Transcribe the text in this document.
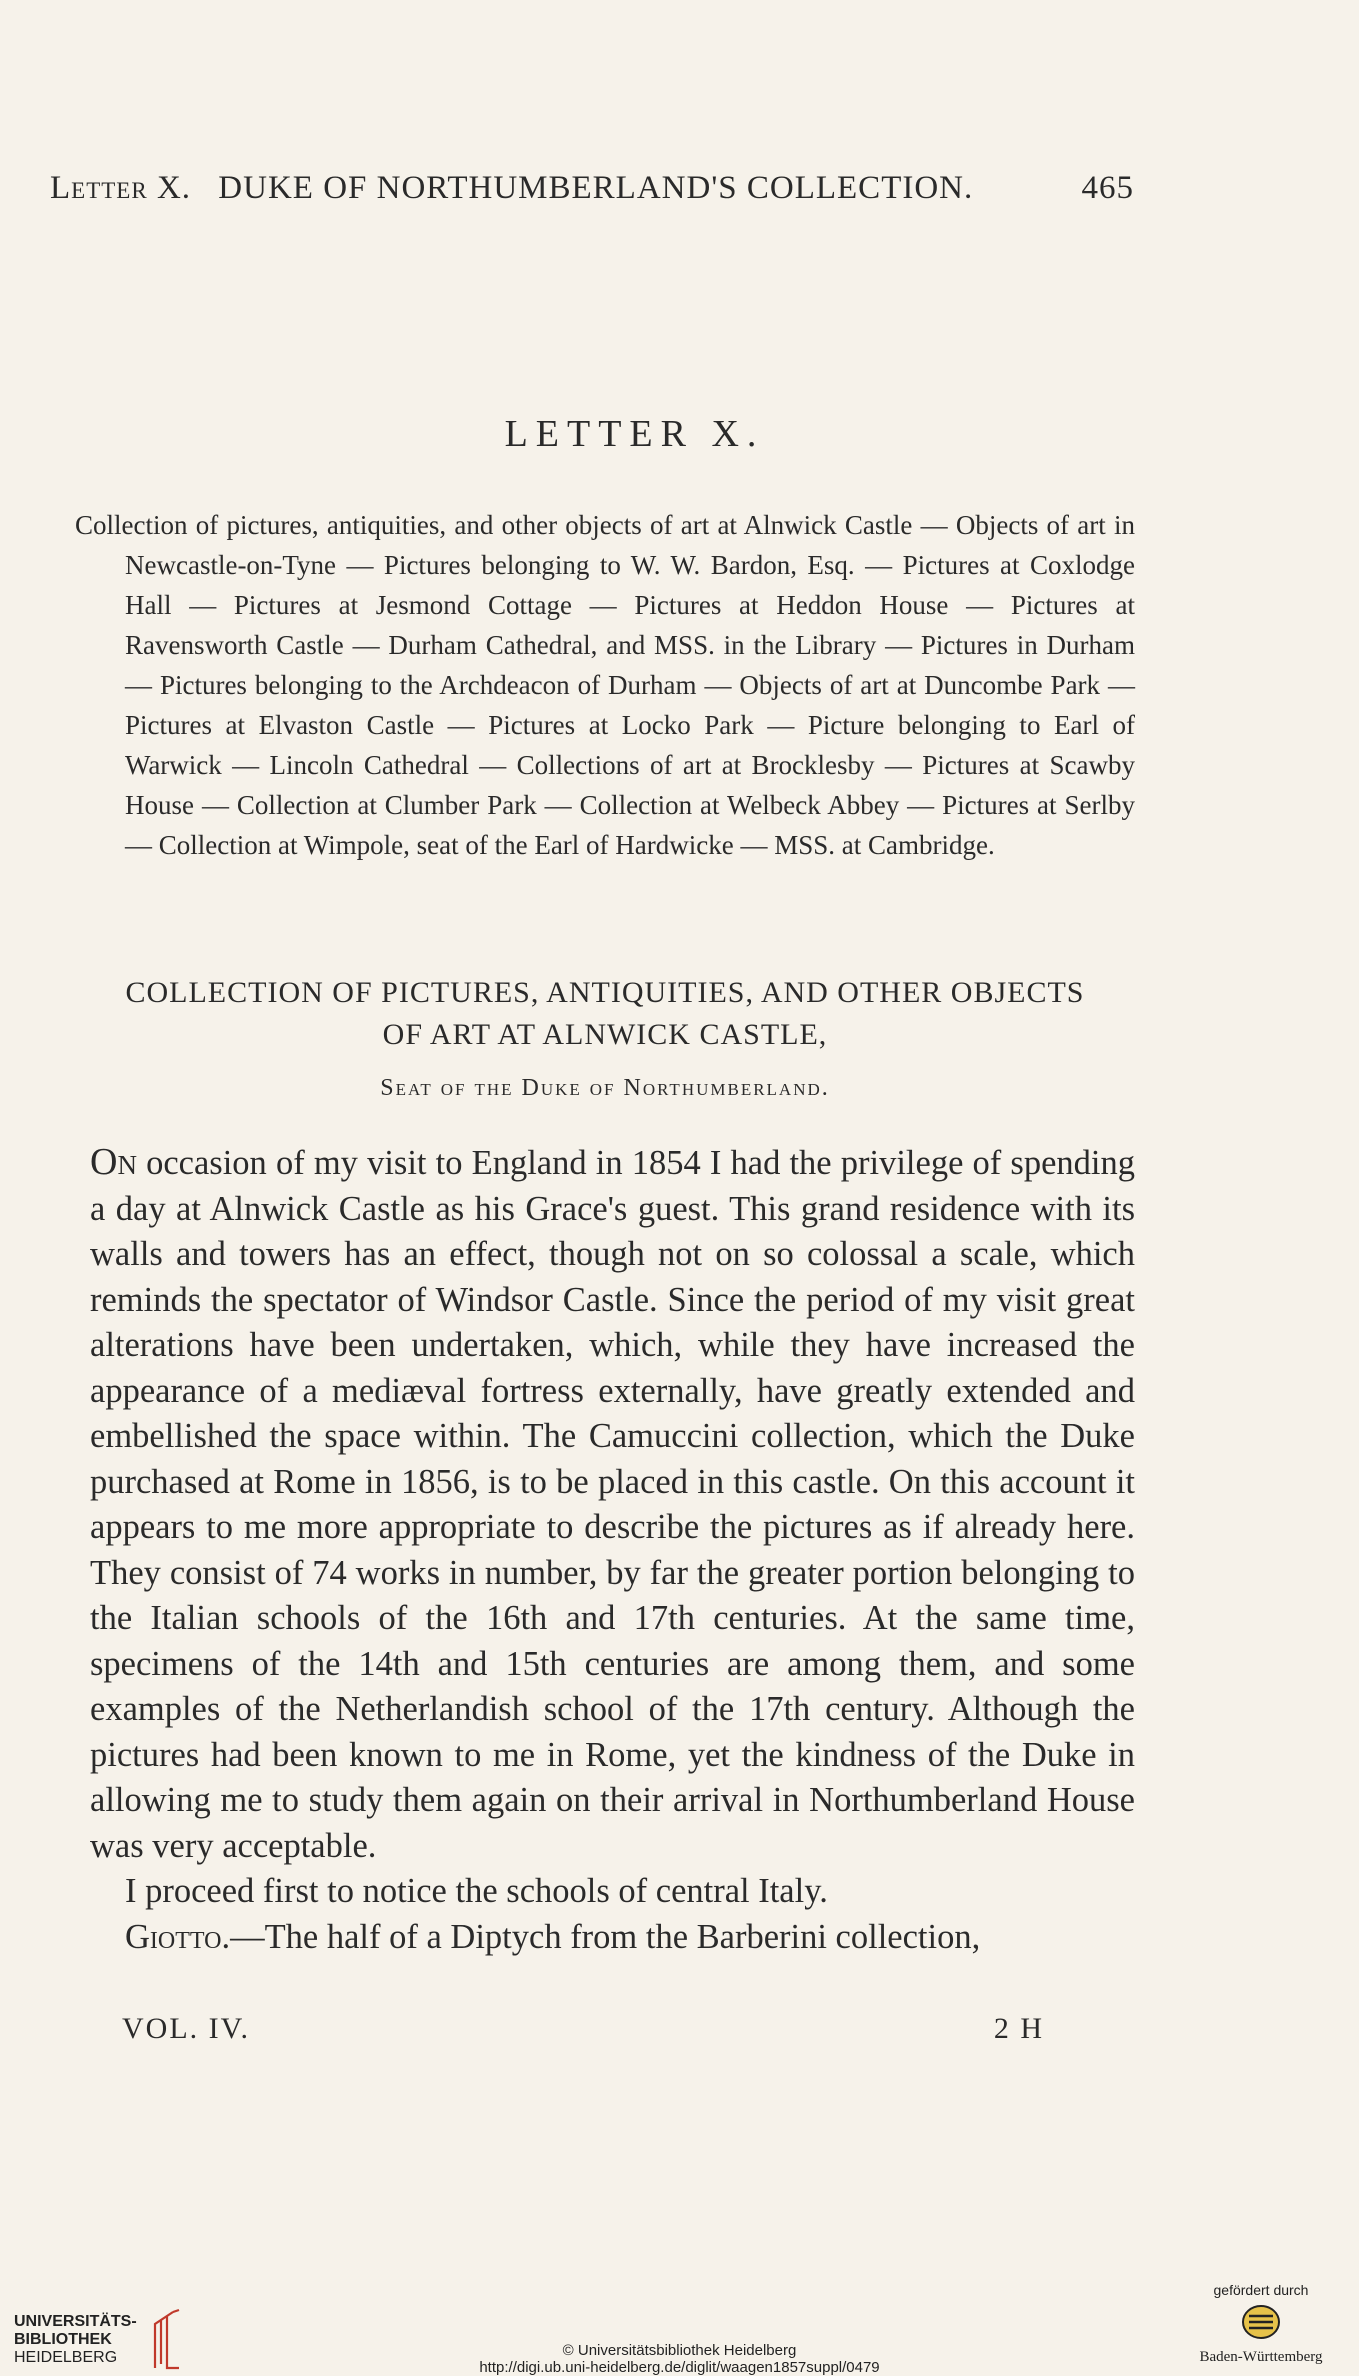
Letter X. DUKE OF NORTHUMBERLAND'S COLLECTION.	465
LETTER X.
Collection of pictures, antiquities, and other objects of art at Alnwick Castle — Objects of art in Newcastle-on-Tyne — Pictures belonging to W. W. Bardon, Esq. — Pictures at Coxlodge Hall — Pictures at Jesmond Cottage — Pictures at Heddon House — Pictures at Ravensworth Castle — Durham Cathedral, and MSS. in the Library — Pictures in Durham — Pictures belonging to the Archdeacon of Durham — Objects of art at Duncombe Park — Pictures at Elvaston Castle — Pictures at Locko Park — Picture belonging to Earl of Warwick — Lincoln Cathedral — Collections of art at Brocklesby — Pictures at Scawby House — Collection at Clumber Park — Collection at Welbeck Abbey — Pictures at Serlby — Collection at Wimpole, seat of the Earl of Hardwicke — MSS. at Cambridge.
COLLECTION OF PICTURES, ANTIQUITIES, AND OTHER OBJECTS
OF ART AT ALNWICK CASTLE,
Seat of the Duke of Northumberland.

On occasion of my visit to England in 1854 I had the privilege of spending a day at Alnwick Castle as his Grace's guest. This grand residence with its walls and towers has an effect, though not on so colossal a scale, which reminds the spectator of Windsor Castle. Since the period of my visit great alterations have been undertaken, which, while they have increased the appearance of a mediæval fortress externally, have greatly extended and embellished the space within. The Camuccini collection, which the Duke purchased at Rome in 1856, is to be placed in this castle. On this account it appears to me more appropriate to describe the pictures as if already here. They consist of 74 works in number, by far the greater portion belonging to the Italian schools of the 16th and 17th centuries. At the same time, specimens of the 14th and 15th centuries are among them, and some examples of the Netherlandish school of the 17th century. Although the pictures had been known to me in Rome, yet the kindness of the Duke in allowing me to study them again on their arrival in Northumberland House was very acceptable.

I proceed first to notice the schools of central Italy.

Giotto.—The half of a Diptych from the Barberini collection,

VOL. IV.	2 H
UNIVERSITÄTS-
BIBLIOTHEK
HEIDELBERG	© Universitätsbibliothek Heidelberg
http://digi.ub.uni-heidelberg.de/diglit/waagen1857suppl/0479
gefördert durch
Baden-Württemberg
